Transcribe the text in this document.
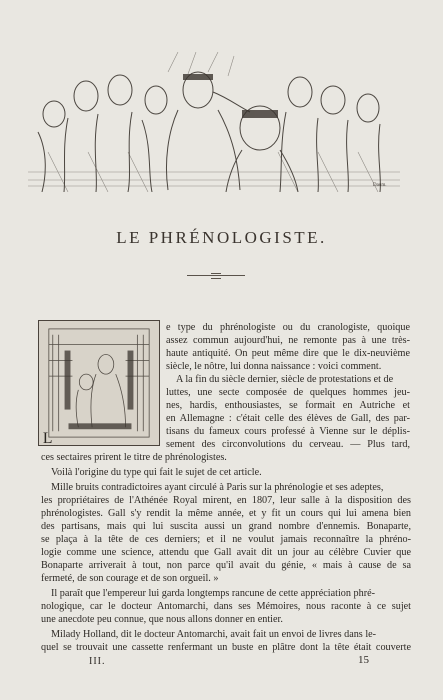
Daum.
LE PHRÉNOLOGISTE.
L
e type du phrénologiste ou du cranologiste, quoique
assez commun aujourd'hui, ne remonte pas à une très-
haute antiquité. On peut même dire que le dix-neuvième
siècle, le nôtre, lui donna naissance : voici comment.
A la fin du siècle dernier, siècle de protestations et de
luttes, une secte composée de quelques hommes jeu-
nes, hardis, enthousiastes, se formait en Autriche et
en Allemagne : c'était celle des élèves de Gall, des par-
tisans du fameux cours professé à Vienne sur le déplis-
sement des circonvolutions du cerveau. — Plus tard,
ces sectaires prirent le titre de phrénologistes.
Voilà l'origine du type qui fait le sujet de cet article.
Mille bruits contradictoires ayant circulé à Paris sur la phrénologie et ses adeptes,
les propriétaires de l'Athénée Royal mirent, en 1807, leur salle à la disposition des
phrénologistes. Gall s'y rendit la même année, et y fit un cours qui lui amena bien
des partisans, mais qui lui suscita aussi un grand nombre d'ennemis. Bonaparte,
se plaça à la tête de ces derniers; et il ne voulut jamais reconnaître la phréno-
logie comme une science, attendu que Gall avait dit un jour au célèbre Cuvier que
Bonaparte arriverait à tout, non parce qu'il avait du génie, « mais à cause de sa
fermeté, de son courage et de son orgueil. »
Il paraît que l'empereur lui garda longtemps rancune de cette appréciation phré-
nologique, car le docteur Antomarchi, dans ses Mémoires, nous raconte à ce sujet
une anecdote peu connue, que nous allons donner en entier.
Milady Holland, dit le docteur Antomarchi, avait fait un envoi de livres dans le-
quel se trouvait une cassette renfermant un buste en plâtre dont la tête était couverte
III.	15
